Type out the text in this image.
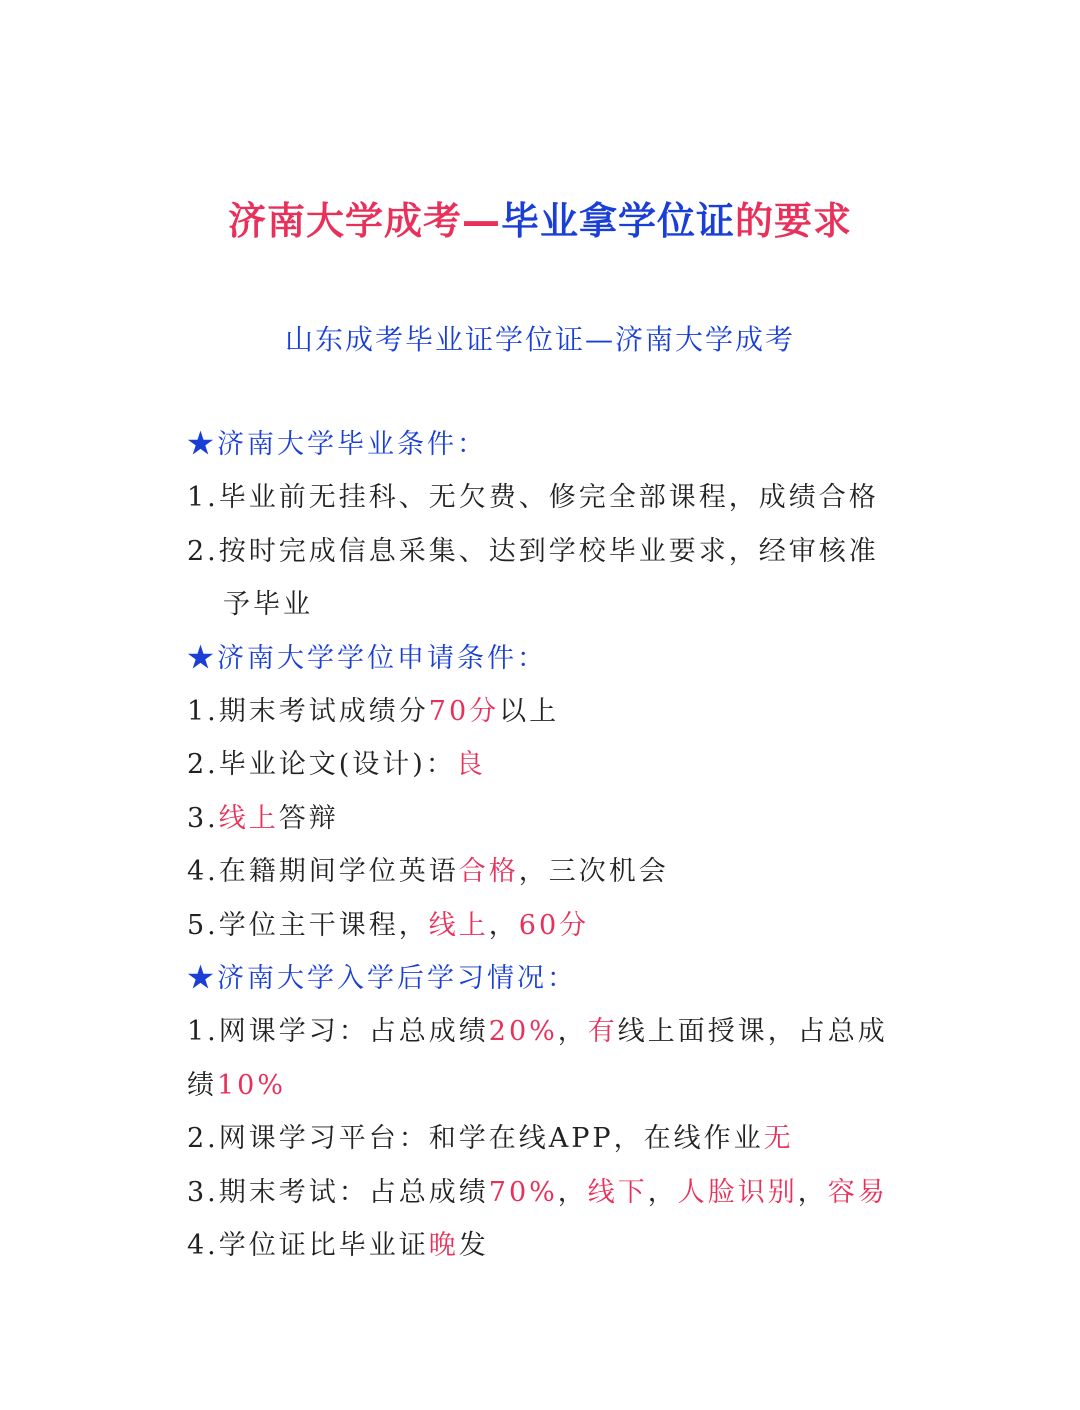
济南大学成考—毕业拿学位证的要求
山东成考毕业证学位证—济南大学成考
★济南大学毕业条件：
1.毕业前无挂科、无欠费、修完全部课程，成绩合格
2.按时完成信息采集、达到学校毕业要求，经审核准
予毕业
★济南大学学位申请条件：
1.期末考试成绩分70分以上
2.毕业论文(设计)：良
3.线上答辩
4.在籍期间学位英语合格，三次机会
5.学位主干课程，线上，60分
★济南大学入学后学习情况：
1.网课学习：占总成绩20%，有线上面授课，占总成
绩10%
2.网课学习平台：和学在线APP，在线作业无
3.期末考试：占总成绩70%，线下，人脸识别，容易
4.学位证比毕业证晚发
